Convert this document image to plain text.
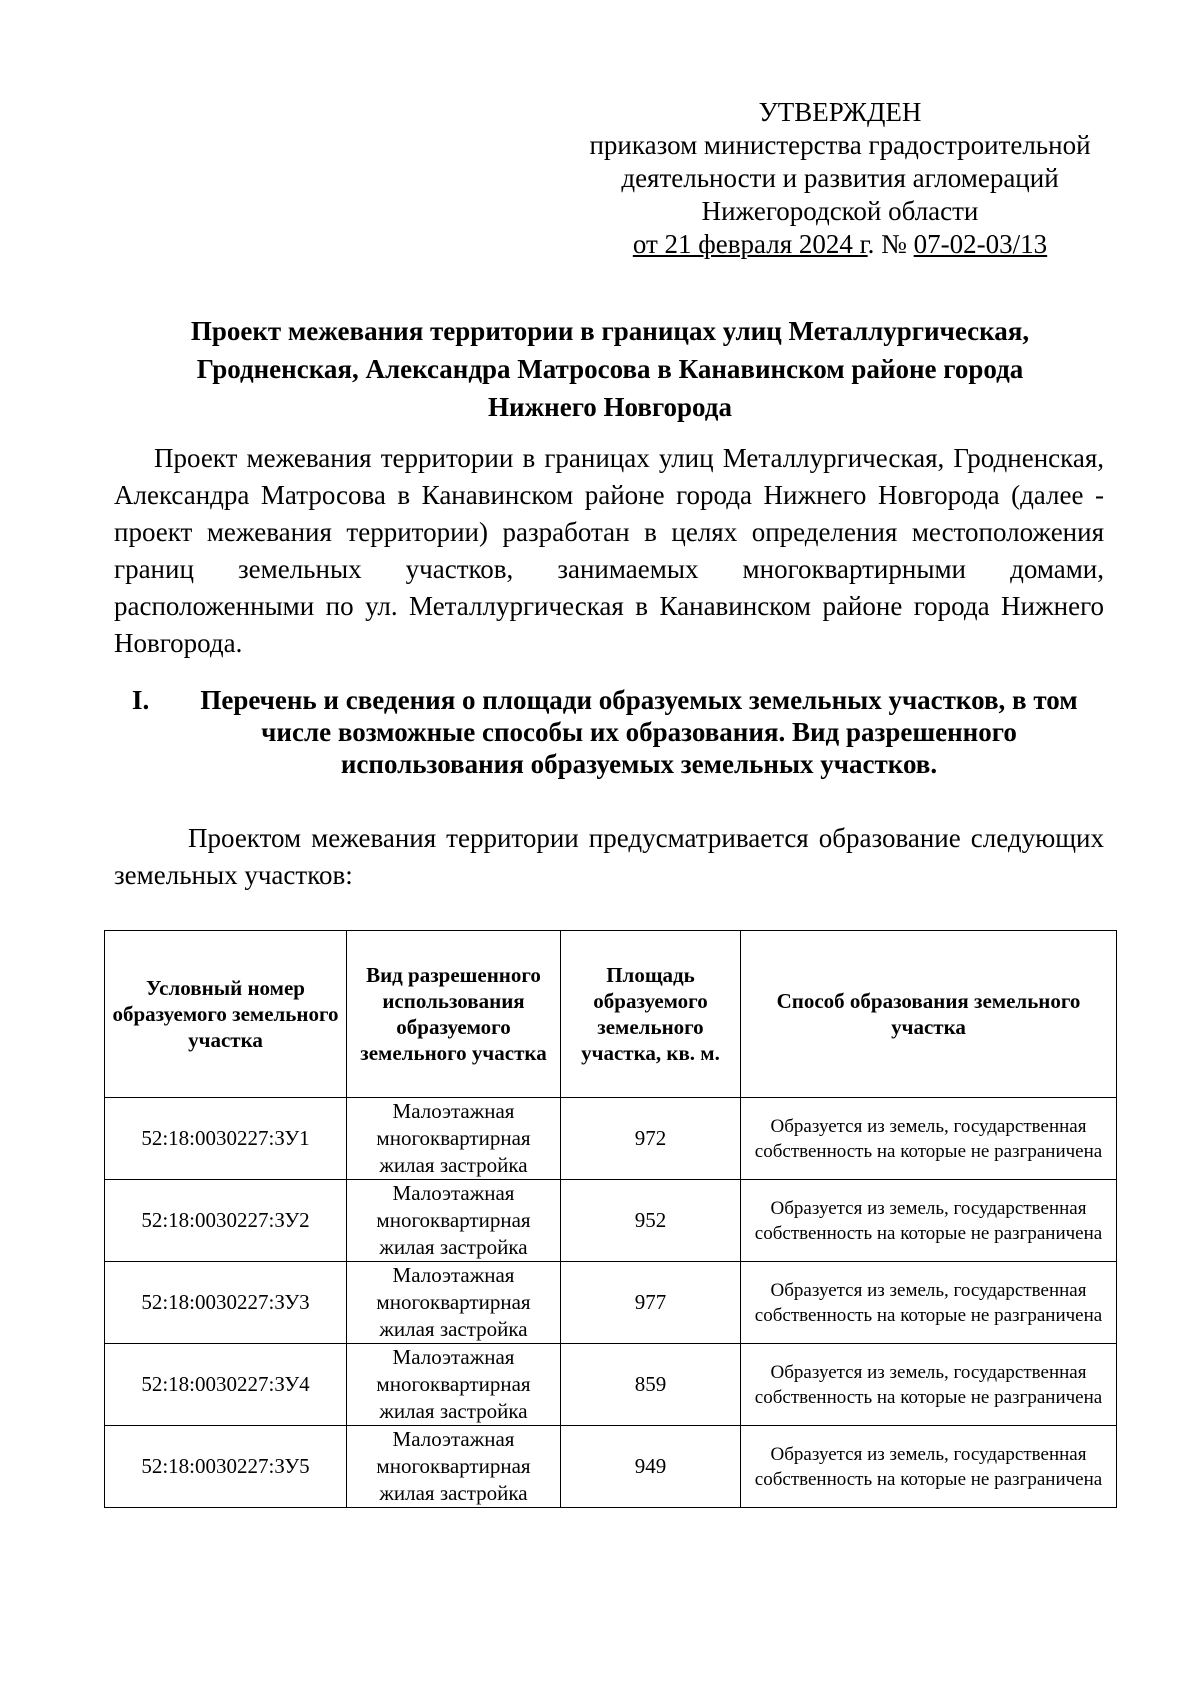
УТВЕРЖДЕН
приказом министерства градостроительной
деятельности и развития агломераций
Нижегородской области
от 21 февраля 2024 г. № 07-02-03/13
Проект межевания территории в границах улиц Металлургическая,
Гродненская, Александра Матросова в Канавинском районе города
Нижнего Новгорода

Проект межевания территории в границах улиц Металлургическая, Гродненская, Александра Матросова в Канавинском районе города Нижнего Новгорода (далее - проект межевания территории) разработан в целях определения местоположения границ земельных участков, занимаемых многоквартирными домами, расположенными по ул. Металлургическая в Канавинском районе города Нижнего Новгорода.

I.	Перечень и сведения о площади образуемых земельных участков, в том
числе возможные способы их образования. Вид разрешенного
использования образуемых земельных участков.

Проектом межевания территории предусматривается образование следующих земельных участков:

Условный номер образуемого земельного участка	Вид разрешенного использования образуемого земельного участка	Площадь образуемого земельного участка, кв. м.	Способ образования земельного участка
52:18:0030227:ЗУ1	Малоэтажная многоквартирная жилая застройка	972	Образуется из земель, государственная собственность на которые не разграничена
52:18:0030227:ЗУ2	Малоэтажная многоквартирная жилая застройка	952	Образуется из земель, государственная собственность на которые не разграничена
52:18:0030227:ЗУ3	Малоэтажная многоквартирная жилая застройка	977	Образуется из земель, государственная собственность на которые не разграничена
52:18:0030227:ЗУ4	Малоэтажная многоквартирная жилая застройка	859	Образуется из земель, государственная собственность на которые не разграничена
52:18:0030227:ЗУ5	Малоэтажная многоквартирная жилая застройка	949	Образуется из земель, государственная собственность на которые не разграничена
